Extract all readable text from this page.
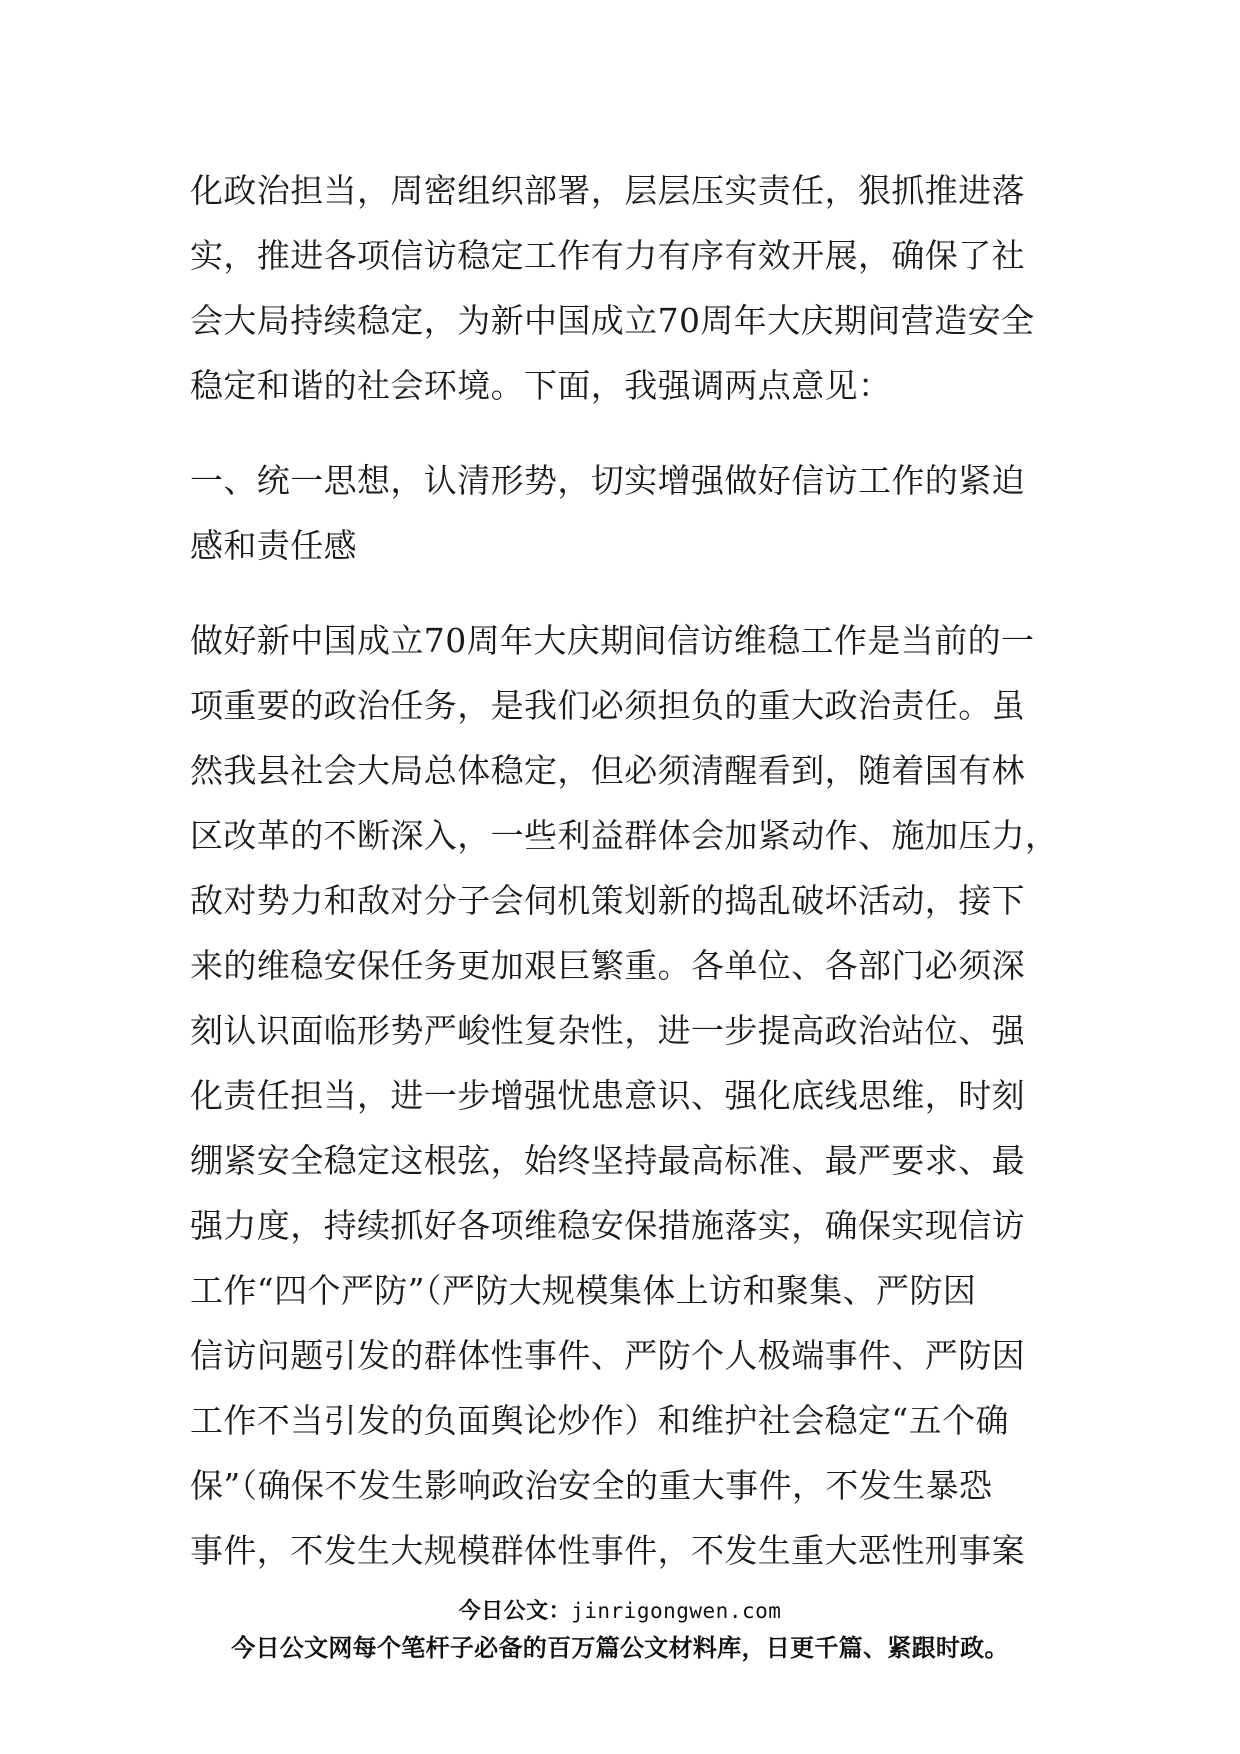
化政治担当，周密组织部署，层层压实责任，狠抓推进落
实，推进各项信访稳定工作有力有序有效开展，确保了社
会大局持续稳定，为新中国成立70周年大庆期间营造安全
稳定和谐的社会环境。下面，我强调两点意见：
一、统一思想，认清形势，切实增强做好信访工作的紧迫
感和责任感
做好新中国成立70周年大庆期间信访维稳工作是当前的一
项重要的政治任务，是我们必须担负的重大政治责任。虽
然我县社会大局总体稳定，但必须清醒看到，随着国有林
区改革的不断深入，一些利益群体会加紧动作、施加压力，
敌对势力和敌对分子会伺机策划新的捣乱破坏活动，接下
来的维稳安保任务更加艰巨繁重。各单位、各部门必须深
刻认识面临形势严峻性复杂性，进一步提高政治站位、强
化责任担当，进一步增强忧患意识、强化底线思维，时刻
绷紧安全稳定这根弦，始终坚持最高标准、最严要求、最
强力度，持续抓好各项维稳安保措施落实，确保实现信访
工作“四个严防”（严防大规模集体上访和聚集、严防因
信访问题引发的群体性事件、严防个人极端事件、严防因
工作不当引发的负面舆论炒作）和维护社会稳定“五个确
保”（确保不发生影响政治安全的重大事件，不发生暴恐
事件，不发生大规模群体性事件，不发生重大恶性刑事案
今日公文：jinrigongwen.com
今日公文网每个笔杆子必备的百万篇公文材料库，日更千篇、紧跟时政。
